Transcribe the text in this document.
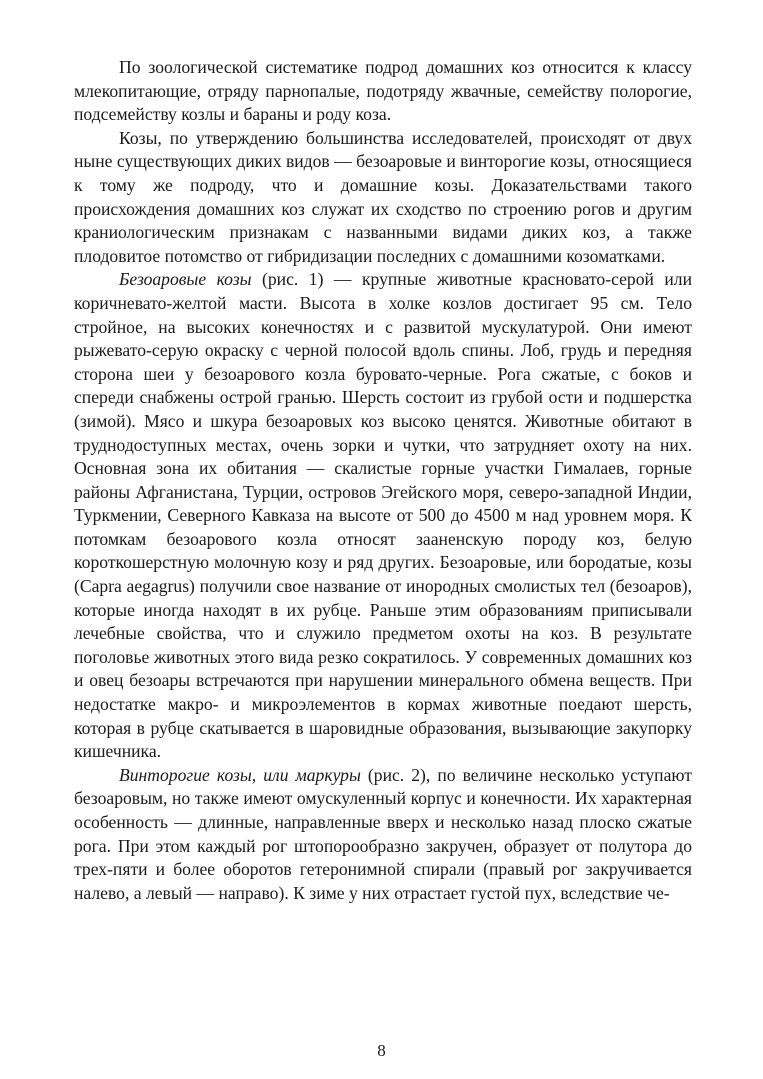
По зоологической систематике подрод домашних коз относится к классу млекопитающие, отряду парнопалые, подотряду жвачные, семейству полорогие, подсемейству козлы и бараны и роду коза.

Козы, по утверждению большинства исследователей, происходят от двух ныне существующих диких видов — безоаровые и винторогие козы, относящиеся к тому же подроду, что и домашние козы. Доказательствами такого происхождения домашних коз служат их сходство по строению рогов и другим краниологическим признакам с названными видами диких коз, а также плодовитое потомство от гибридизации последних с домашними козоматками.

Безоаровые козы (рис. 1) — крупные животные красновато-серой или коричневато-желтой масти. Высота в холке козлов достигает 95 см. Тело стройное, на высоких конечностях и с развитой мускулатурой. Они имеют рыжевато-серую окраску с черной полосой вдоль спины. Лоб, грудь и передняя сторона шеи у безоарового козла буровато-черные. Рога сжатые, с боков и спереди снабжены острой гранью. Шерсть состоит из грубой ости и подшерстка (зимой). Мясо и шкура безоаровых коз высоко ценятся. Животные обитают в труднодоступных местах, очень зорки и чутки, что затрудняет охоту на них. Основная зона их обитания — скалистые горные участки Гималаев, горные районы Афганистана, Турции, островов Эгейского моря, северо-западной Индии, Туркмении, Северного Кавказа на высоте от 500 до 4500 м над уровнем моря. К потомкам безоарового козла относят зааненскую породу коз, белую короткошерстную молочную козу и ряд других. Безоаровые, или бородатые, козы (Capra aegagrus) получили свое название от инородных смолистых тел (безоаров), которые иногда находят в их рубце. Раньше этим образованиям приписывали лечебные свойства, что и служило предметом охоты на коз. В результате поголовье животных этого вида резко сократилось. У современных домашних коз и овец безоары встречаются при нарушении минерального обмена веществ. При недостатке макро- и микроэлементов в кормах животные поедают шерсть, которая в рубце скатывается в шаровидные образования, вызывающие закупорку кишечника.

Винторогие козы, или маркуры (рис. 2), по величине несколько уступают безоаровым, но также имеют омускуленный корпус и конечности. Их характерная особенность — длинные, направленные вверх и несколько назад плоско сжатые рога. При этом каждый рог штопорообразно закручен, образует от полутора до трех-пяти и более оборотов гетеронимной спирали (правый рог закручивается налево, а левый — направо). К зиме у них отрастает густой пух, вследствие че-

8
